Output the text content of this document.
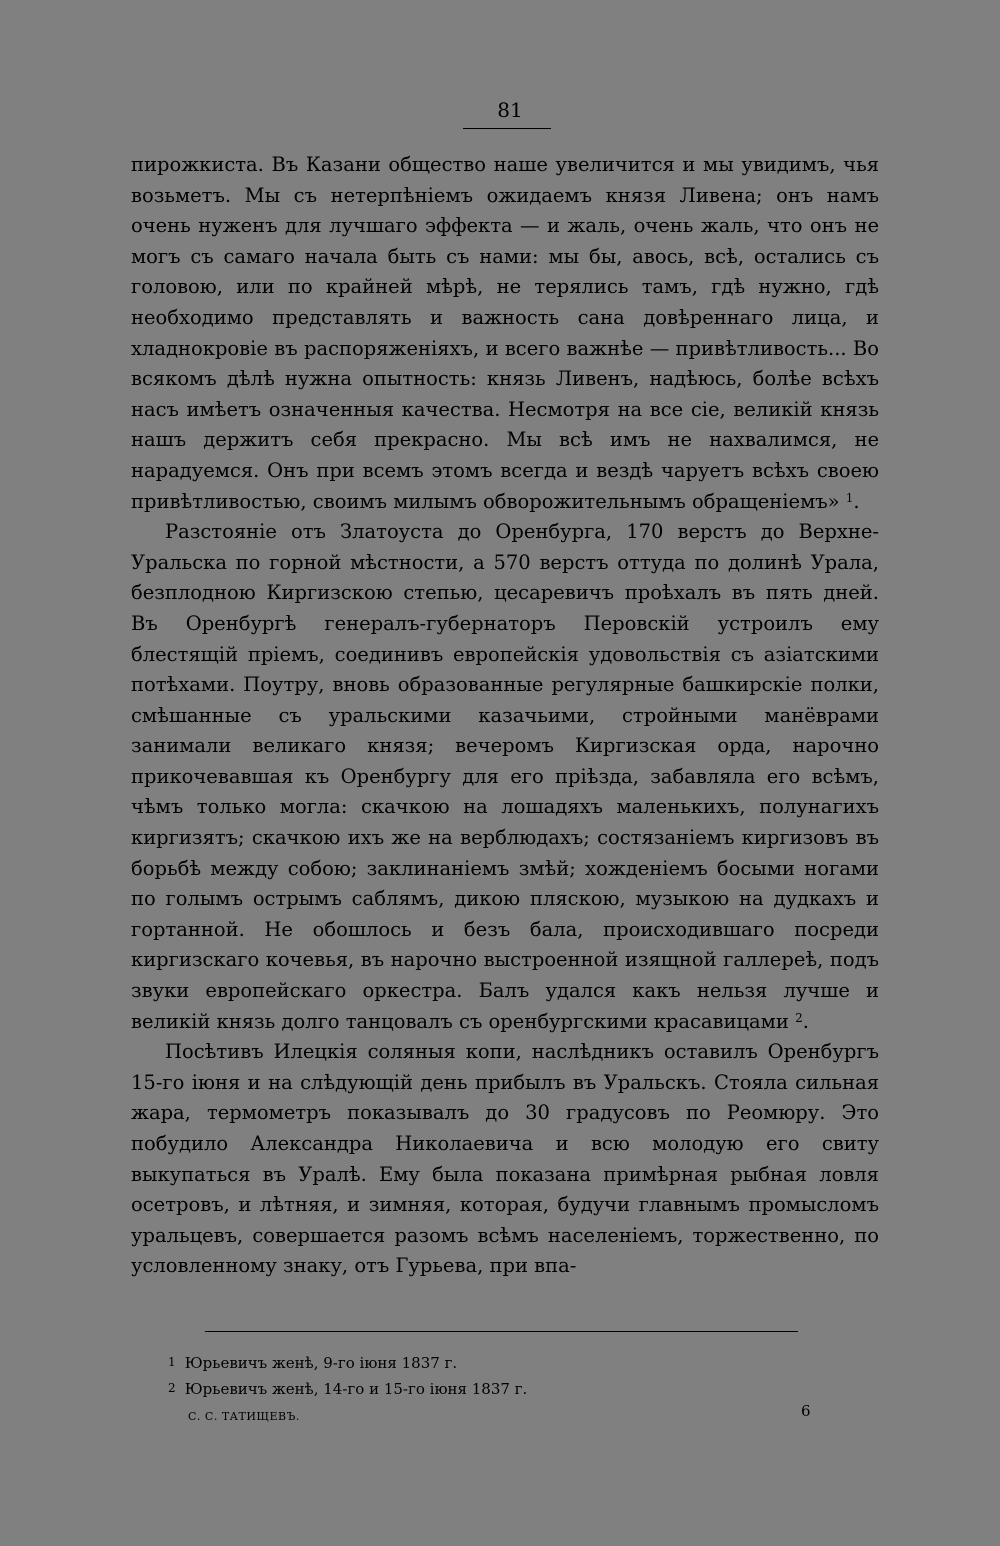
81

пирожкиста. Въ Казани общество наше увеличится и мы увидимъ, чья возьметъ. Мы съ нетерпѣніемъ ожидаемъ князя Ливена; онъ намъ очень нуженъ для лучшаго эффекта — и жаль, очень жаль, что онъ не могъ съ самаго начала быть съ нами: мы бы, авось, всѣ, остались съ головою, или по крайней мѣрѣ, не терялись тамъ, гдѣ нужно, гдѣ необходимо представлять и важность сана довѣреннаго лица, и хладнокровіе въ распоряженіяхъ, и всего важнѣе — привѣтливость... Во всякомъ дѣлѣ нужна опытность: князь Ливенъ, надѣюсь, болѣе всѣхъ насъ имѣетъ означенныя качества. Несмотря на все сіе, великій князь нашъ держитъ себя прекрасно. Мы всѣ имъ не нахвалимся, не нарадуемся. Онъ при всемъ этомъ всегда и вездѣ чаруетъ всѣхъ своею привѣтливостью, своимъ милымъ обворожительнымъ обращеніемъ» $^1$.

Разстояніе отъ Златоуста до Оренбурга, 170 верстъ до Верхне-Уральска по горной мѣстности, а 570 верстъ оттуда по долинѣ Урала, безплодною Киргизскою степью, цесаревичъ проѣхалъ въ пять дней. Въ Оренбургѣ генералъ-губернаторъ Перовскій устроилъ ему блестящій пріемъ, соединивъ европейскія удовольствія съ азіатскими потѣхами. Поутру, вновь образованные регулярные башкирскіе полки, смѣшанные съ уральскими казачьими, стройными манёврами занимали великаго князя; вечеромъ Киргизская орда, нарочно прикочевавшая къ Оренбургу для его пріѣзда, забавляла его всѣмъ, чѣмъ только могла: скачкою на лошадяхъ маленькихъ, полунагихъ киргизятъ; скачкою ихъ же на верблюдахъ; состязаніемъ киргизовъ въ борьбѣ между собою; заклинаніемъ змѣй; хожденіемъ босыми ногами по голымъ острымъ саблямъ, дикою пляскою, музыкою на дудкахъ и гортанной. Не обошлось и безъ бала, происходившаго посреди киргизскаго кочевья, въ нарочно выстроенной изящной галлереѣ, подъ звуки европейскаго оркестра. Балъ удался какъ нельзя лучше и великій князь долго танцовалъ съ оренбургскими красавицами $^2$.

Посѣтивъ Илецкія соляныя копи, наслѣдникъ оставилъ Оренбургъ 15-го іюня и на слѣдующій день прибылъ въ Уральскъ. Стояла сильная жара, термометръ показывалъ до 30 градусовъ по Реомюру. Это побудило Александра Николаевича и всю молодую его свиту выкупаться въ Уралѣ. Ему была показана примѣрная рыбная ловля осетровъ, и лѣтняя, и зимняя, которая, будучи главнымъ промысломъ уральцевъ, совершается разомъ всѣмъ населеніемъ, торжественно, по условленному знаку, отъ Гурьева, при впа-

1 Юрьевичъ женѣ, 9-го іюня 1837 г.
2 Юрьевичъ женѣ, 14-го и 15-го іюня 1837 г.
С. С. ТАТИЩЕВЪ.	6
